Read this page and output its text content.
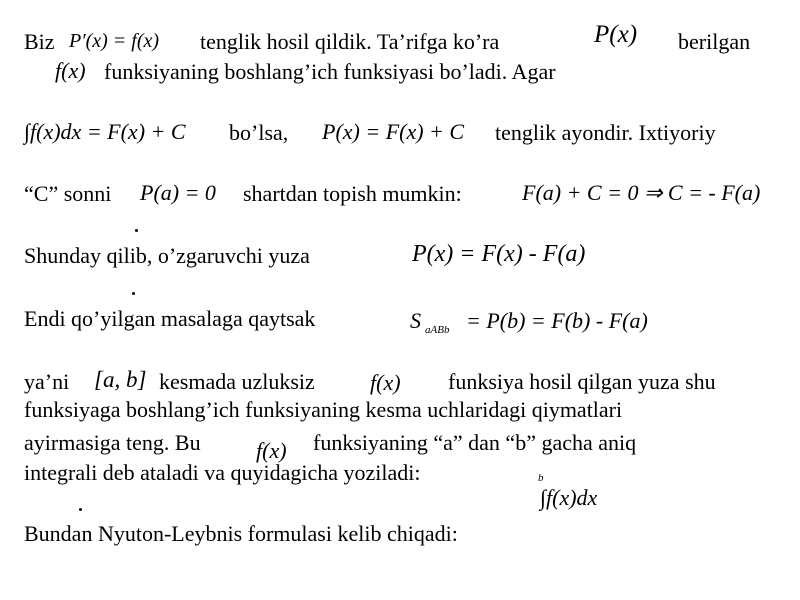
Biz P′(x) = f(x) tenglik hosil qildik. Ta’rifga ko’ra	P(x) berilgan
f(x) funksiyaning boshlang’ich funksiyasi bo’ladi. Agar
∫f(x)dx = F(x) + C bo’lsa, P(x) = F(x) + C tenglik ayondir. Ixtiyoriy
“C” sonni P(a) = 0 shartdan topish mumkin:	F(a) + C = 0 ⇒ C = - F(a)
Shunday qilib, o’zgaruvchi yuza	P(x) = F(x) - F(a)
Endi qo’yilgan masalaga qaytsak	S aABb = P(b) = F(b) - F(a)
ya’ni [a, b] kesmada uzluksiz	f(x) funksiya hosil qilgan yuza shu
funksiyaga boshlang’ich funksiyaning kesma uchlaridagi qiymatlari
ayirmasiga teng. Bu	f(x) funksiyaning “a” dan “b” gacha aniq
integrali deb ataladi va quyidagicha yoziladi:	b
∫f(x)dx
Bundan Nyuton-Leybnis formulasi kelib chiqadi:
